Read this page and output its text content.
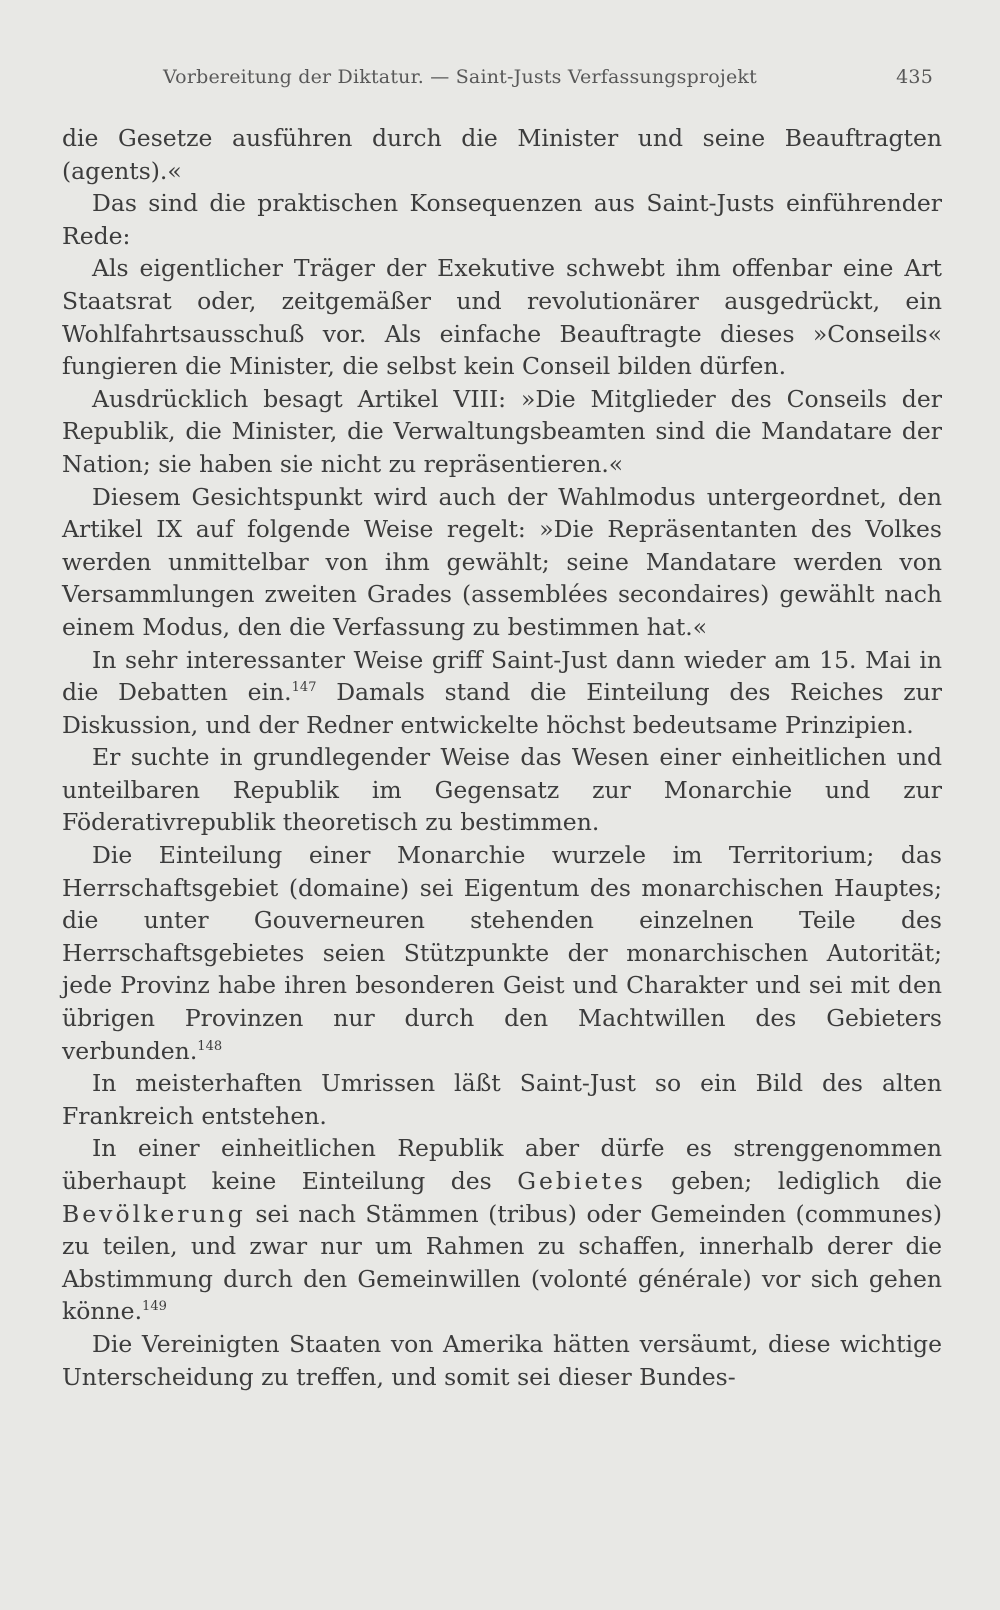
Vorbereitung der Diktatur. — Saint-Justs Verfassungsprojekt	435

die Gesetze ausführen durch die Minister und seine Beauftragten (agents).«

Das sind die praktischen Konsequenzen aus Saint-Justs einführender Rede:

Als eigentlicher Träger der Exekutive schwebt ihm offenbar eine Art Staatsrat oder, zeitgemäßer und revolutionärer ausgedrückt, ein Wohlfahrtsausschuß vor. Als einfache Beauftragte dieses »Conseils« fungieren die Minister, die selbst kein Conseil bilden dürfen.

Ausdrücklich besagt Artikel VIII: »Die Mitglieder des Conseils der Republik, die Minister, die Verwaltungsbeamten sind die Mandatare der Nation; sie haben sie nicht zu repräsentieren.«

Diesem Gesichtspunkt wird auch der Wahlmodus untergeordnet, den Artikel IX auf folgende Weise regelt: »Die Repräsentanten des Volkes werden unmittelbar von ihm gewählt; seine Mandatare werden von Versammlungen zweiten Grades (assemblées secondaires) gewählt nach einem Modus, den die Verfassung zu bestimmen hat.«

In sehr interessanter Weise griff Saint-Just dann wieder am 15. Mai in die Debatten ein.$^{147}$ Damals stand die Einteilung des Reiches zur Diskussion, und der Redner entwickelte höchst bedeutsame Prinzipien.

Er suchte in grundlegender Weise das Wesen einer einheitlichen und unteilbaren Republik im Gegensatz zur Monarchie und zur Föderativrepublik theoretisch zu bestimmen.

Die Einteilung einer Monarchie wurzele im Territorium; das Herrschaftsgebiet (domaine) sei Eigentum des monarchischen Hauptes; die unter Gouverneuren stehenden einzelnen Teile des Herrschaftsgebietes seien Stützpunkte der monarchischen Autorität; jede Provinz habe ihren besonderen Geist und Charakter und sei mit den übrigen Provinzen nur durch den Machtwillen des Gebieters verbunden.$^{148}$

In meisterhaften Umrissen läßt Saint-Just so ein Bild des alten Frankreich entstehen.

In einer einheitlichen Republik aber dürfe es strenggenommen überhaupt keine Einteilung des Gebietes geben; lediglich die Bevölkerung sei nach Stämmen (tribus) oder Gemeinden (communes) zu teilen, und zwar nur um Rahmen zu schaffen, innerhalb derer die Abstimmung durch den Gemeinwillen (volonté générale) vor sich gehen könne.$^{149}$

Die Vereinigten Staaten von Amerika hätten versäumt, diese wichtige Unterscheidung zu treffen, und somit sei dieser Bundes-
